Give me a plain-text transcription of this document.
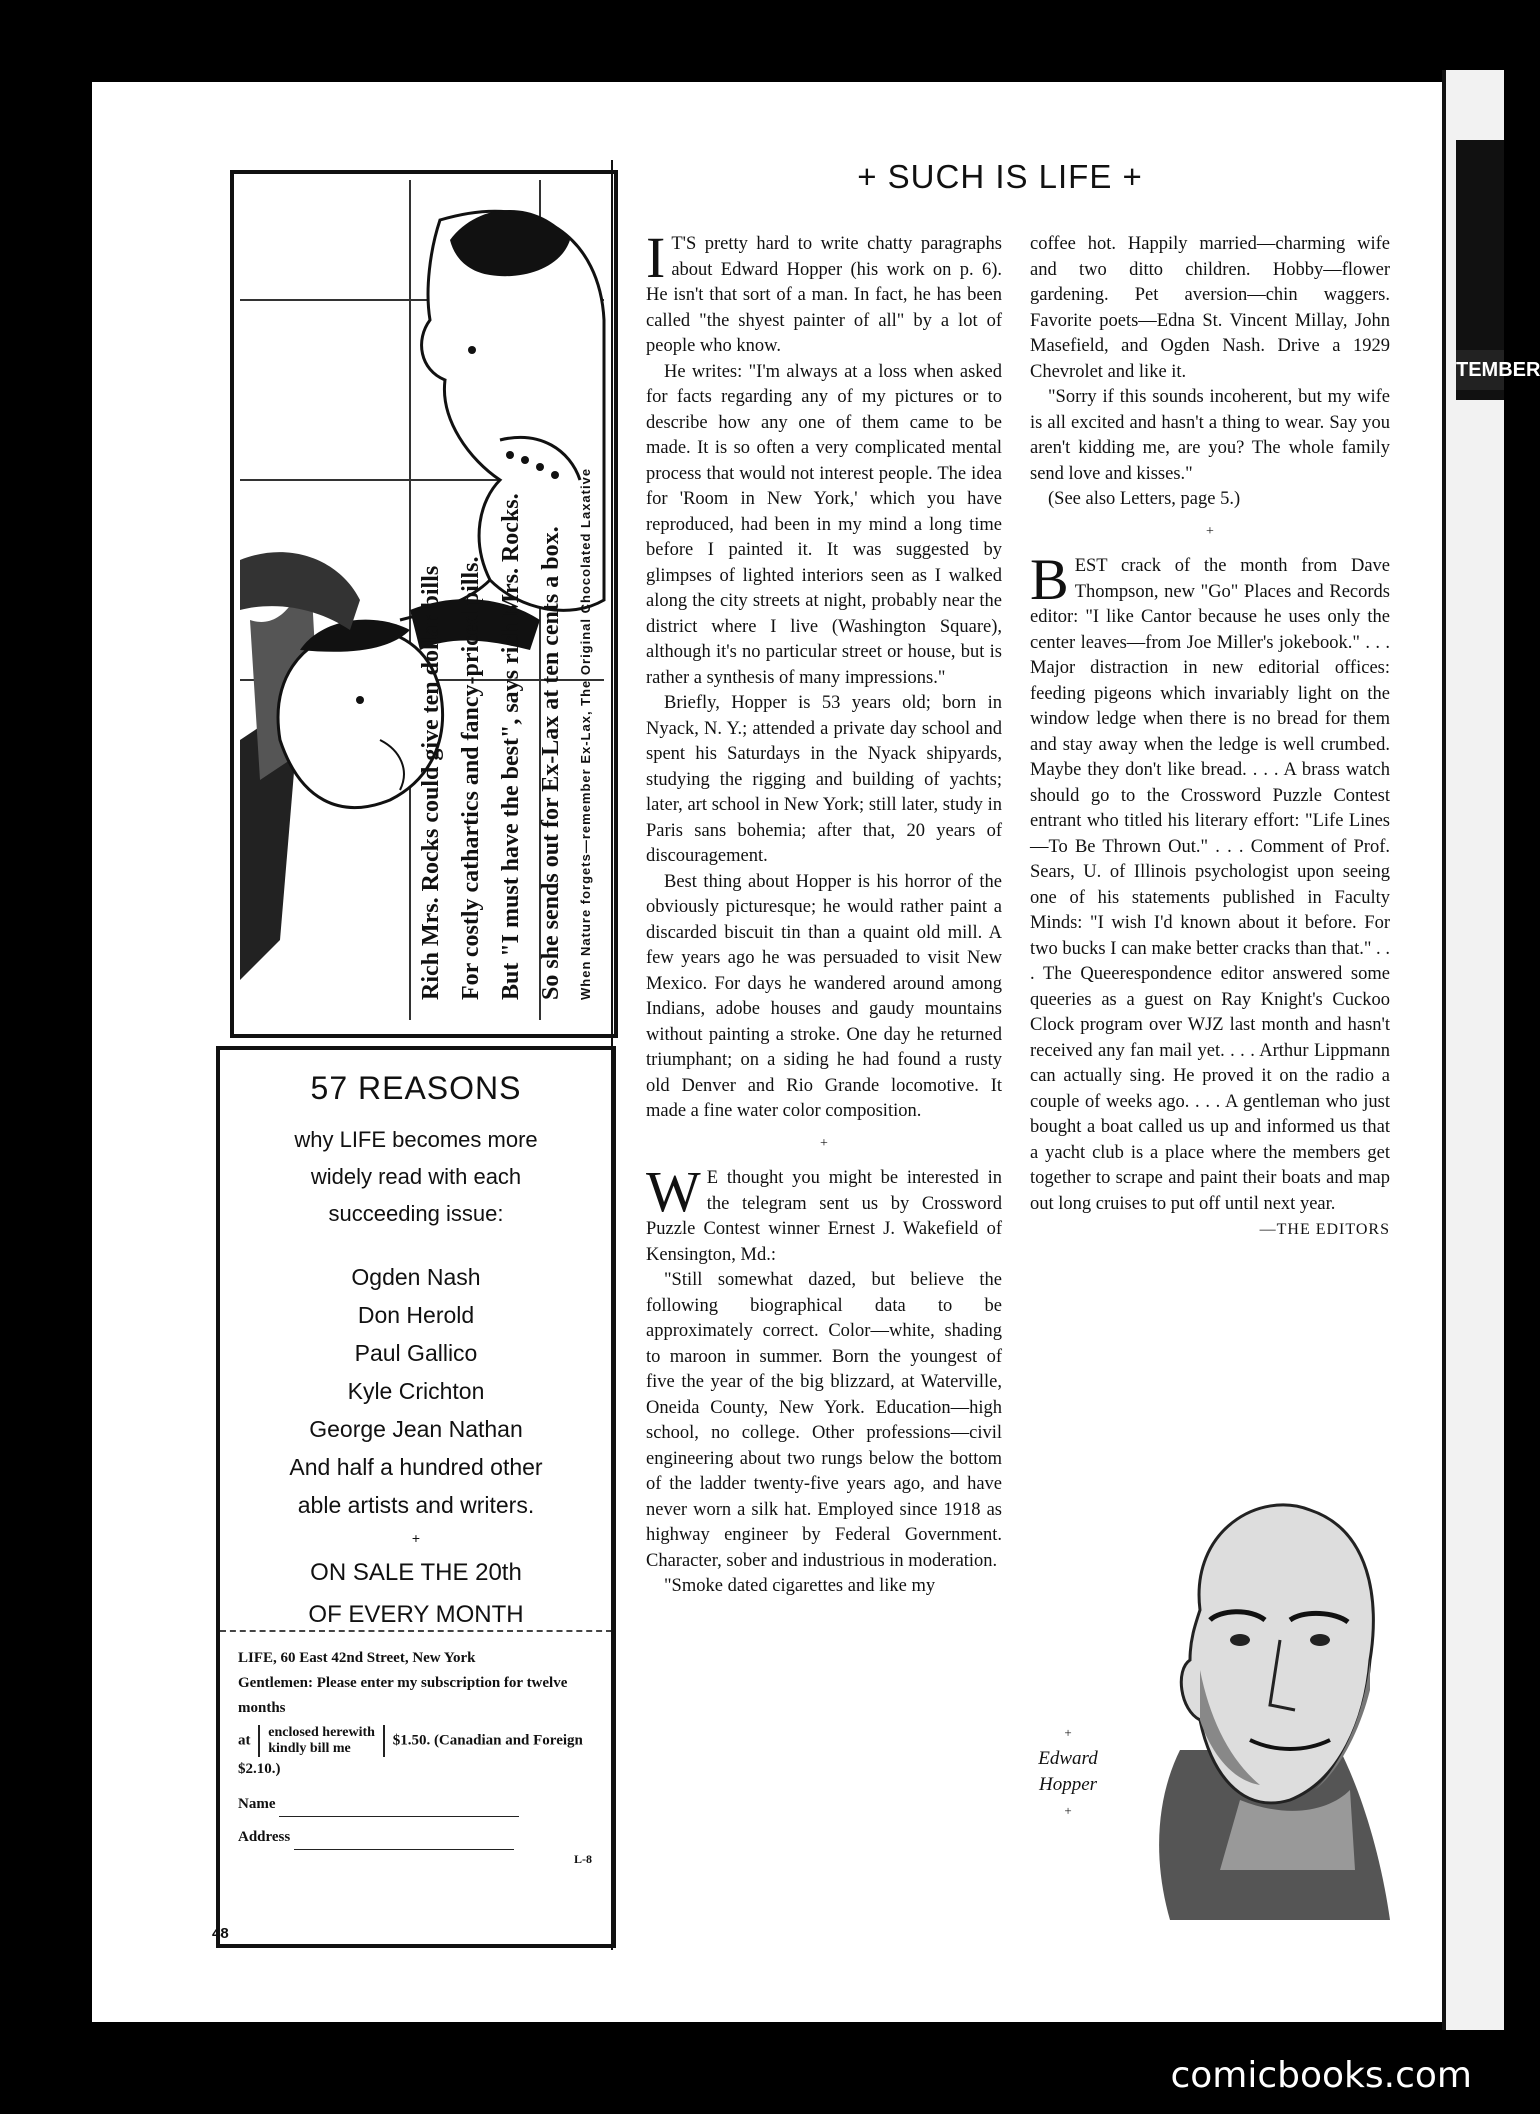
TEMBER

Rich Mrs. Rocks could give ten dollar bills For costly cathartics and fancy-priced pills. But "I must have the best", says rich Mrs. Rocks. So she sends out for Ex-Lax at ten cents a box. When Nature forgets—remember Ex-Lax, The Original Chocolated Laxative

57 REASONS
why LIFE becomes more widely read with each succeeding issue:
Ogden Nash
Don Herold
Paul Gallico
Kyle Crichton
George Jean Nathan
And half a hundred other able artists and writers.
+
ON SALE THE 20th
OF EVERY MONTH
LIFE, 60 East 42nd Street, New York
Gentlemen: Please enter my subscription for twelve months
at enclosed herewith
kindly bill me $1.50. (Canadian and Foreign $2.10.)
Name
Address
L-8
48
+ SUCH IS LIFE +

I T'S pretty hard to write chatty paragraphs about Edward Hopper (his work on p. 6). He isn't that sort of a man. In fact, he has been called "the shyest painter of all" by a lot of people who know.

He writes: "I'm always at a loss when asked for facts regarding any of my pictures or to describe how any one of them came to be made. It is so often a very complicated mental process that would not interest people. The idea for 'Room in New York,' which you have reproduced, had been in my mind a long time before I painted it. It was suggested by glimpses of lighted interiors seen as I walked along the city streets at night, probably near the district where I live (Washington Square), although it's no particular street or house, but is rather a synthesis of many impressions."

Briefly, Hopper is 53 years old; born in Nyack, N. Y.; attended a private day school and spent his Saturdays in the Nyack shipyards, studying the rigging and building of yachts; later, art school in New York; still later, study in Paris sans bohemia; after that, 20 years of discouragement.

Best thing about Hopper is his horror of the obviously picturesque; he would rather paint a discarded biscuit tin than a quaint old mill. A few years ago he was persuaded to visit New Mexico. For days he wandered around among Indians, adobe houses and gaudy mountains without painting a stroke. One day he returned triumphant; on a siding he had found a rusty old Denver and Rio Grande locomotive. It made a fine water color composition.

+

W E thought you might be interested in the telegram sent us by Crossword Puzzle Contest winner Ernest J. Wakefield of Kensington, Md.:

"Still somewhat dazed, but believe the following biographical data to be approximately correct. Color—white, shading to maroon in summer. Born the youngest of five the year of the big blizzard, at Waterville, Oneida County, New York. Education—high school, no college. Other professions—civil engineering about two rungs below the bottom of the ladder twenty-five years ago, and have never worn a silk hat. Employed since 1918 as highway engineer by Federal Government. Character, sober and industrious in moderation.

"Smoke dated cigarettes and like my

coffee hot. Happily married—charming wife and two ditto children. Hobby—flower gardening. Pet aversion—chin waggers. Favorite poets—Edna St. Vincent Millay, John Masefield, and Ogden Nash. Drive a 1929 Chevrolet and like it.

"Sorry if this sounds incoherent, but my wife is all excited and hasn't a thing to wear. Say you aren't kidding me, are you? The whole family send love and kisses."

(See also Letters, page 5.)

+

BEST crack of the month from Dave Thompson, new "Go" Places and Records editor: "I like Cantor because he uses only the center leaves—from Joe Miller's jokebook." . . . Major distraction in new editorial offices: feeding pigeons which invariably light on the window ledge when there is no bread for them and stay away when the ledge is well crumbed. Maybe they don't like bread. . . . A brass watch should go to the Crossword Puzzle Contest entrant who titled his literary effort: "Life Lines—To Be Thrown Out." . . . Comment of Prof. Sears, U. of Illinois psychologist upon seeing one of his statements published in Faculty Minds: "I wish I'd known about it before. For two bucks I can make better cracks than that." . . . The Queerespondence editor answered some queeries as a guest on Ray Knight's Cuckoo Clock program over WJZ last month and hasn't received any fan mail yet. . . . Arthur Lippmann can actually sing. He proved it on the radio a couple of weeks ago. . . . A gentleman who just bought a boat called us up and informed us that a yacht club is a place where the members get together to scrape and paint their boats and map out long cruises to put off until next year.

—THE EDITORS
+
Edward
Hopper
+
comicbooks.com
